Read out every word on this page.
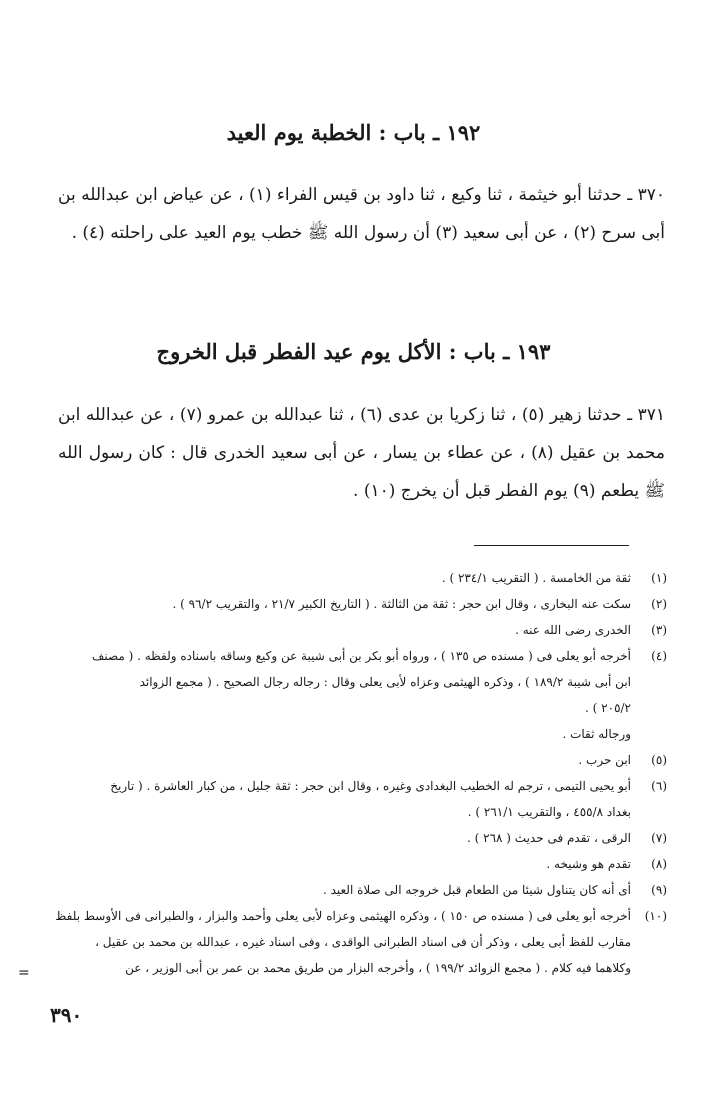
١٩٢ ـ باب : الخطبة يوم العيد

٣٧٠ ـ حدثنا أبو خيثمة ، ثنا وكيع ، ثنا داود بن قيس الفراء (١) ، عن عياض ابن عبدالله بن أبى سرح (٢) ، عن أبى سعيد (٣) أن رسول الله ﷺ خطب يوم العيد على راحلته (٤) .

١٩٣ ـ باب : الأكل يوم عيد الفطر قبل الخروج

٣٧١ ـ حدثنا زهير (٥) ، ثنا زكريا بن عدى (٦) ، ثنا عبدالله بن عمرو (٧) ، عن عبدالله ابن محمد بن عقيل (٨) ، عن عطاء بن يسار ، عن أبى سعيد الخدرى قال : كان رسول الله ﷺ يطعم (٩) يوم الفطر قبل أن يخرج (١٠) .

(١)
ثقة من الخامسة . ( التقريب ٢٣٤/١ ) .
(٢)
سكت عنه البخارى ، وقال ابن حجر : ثقة من الثالثة . ( التاريخ الكبير ٢١/٧ ، والتقريب ٩٦/٢ ) .
(٣)
الخدرى رضى الله عنه .
(٤)
أخرجه أبو يعلى فى ( مسنده ص ١٣٥ ) ، ورواه أبو بكر بن أبى شيبة عن وكيع وساقه باسناده ولفظه . ( مصنف
ابن أبى شيبة ١٨٩/٢ ) ، وذكره الهيثمى وعزاه لأبى يعلى وقال : رجاله رجال الصحيح . ( مجمع الزوائد
٢٠٥/٢ ) .
ورجاله ثقات .
(٥)
ابن حرب .
(٦)
أبو يحيى التيمى ، ترجم له الخطيب البغدادى وغيره ، وقال ابن حجر : ثقة جليل ، من كبار العاشرة . ( تاريخ
بغداد ٤٥٥/٨ ، والتقريب ٢٦١/١ ) .
(٧)
الرقى ، تقدم فى حديث ( ٢٦٨ ) .
(٨)
تقدم هو وشيخه .
(٩)
أى أنه كان يتناول شيئا من الطعام قبل خروجه الى صلاة العيد .
(١٠)
أخرجه أبو يعلى فى ( مسنده ص ١٥٠ ) ، وذكره الهيثمى وعزاه لأبى يعلى وأحمد والبزار ، والطبرانى فى الأوسط بلفظ
مقارب للفظ أبى يعلى ، وذكر أن فى اسناد الطبرانى الواقدى ، وفى اسناد غيره ، عبدالله بن محمد بن عقيل ،
وكلاهما فيه كلام . ( مجمع الزوائد ١٩٩/٢ ) ، وأخرجه البزار من طريق محمد بن عمر بن أبى الوزير ، عن
=
٣٩٠
